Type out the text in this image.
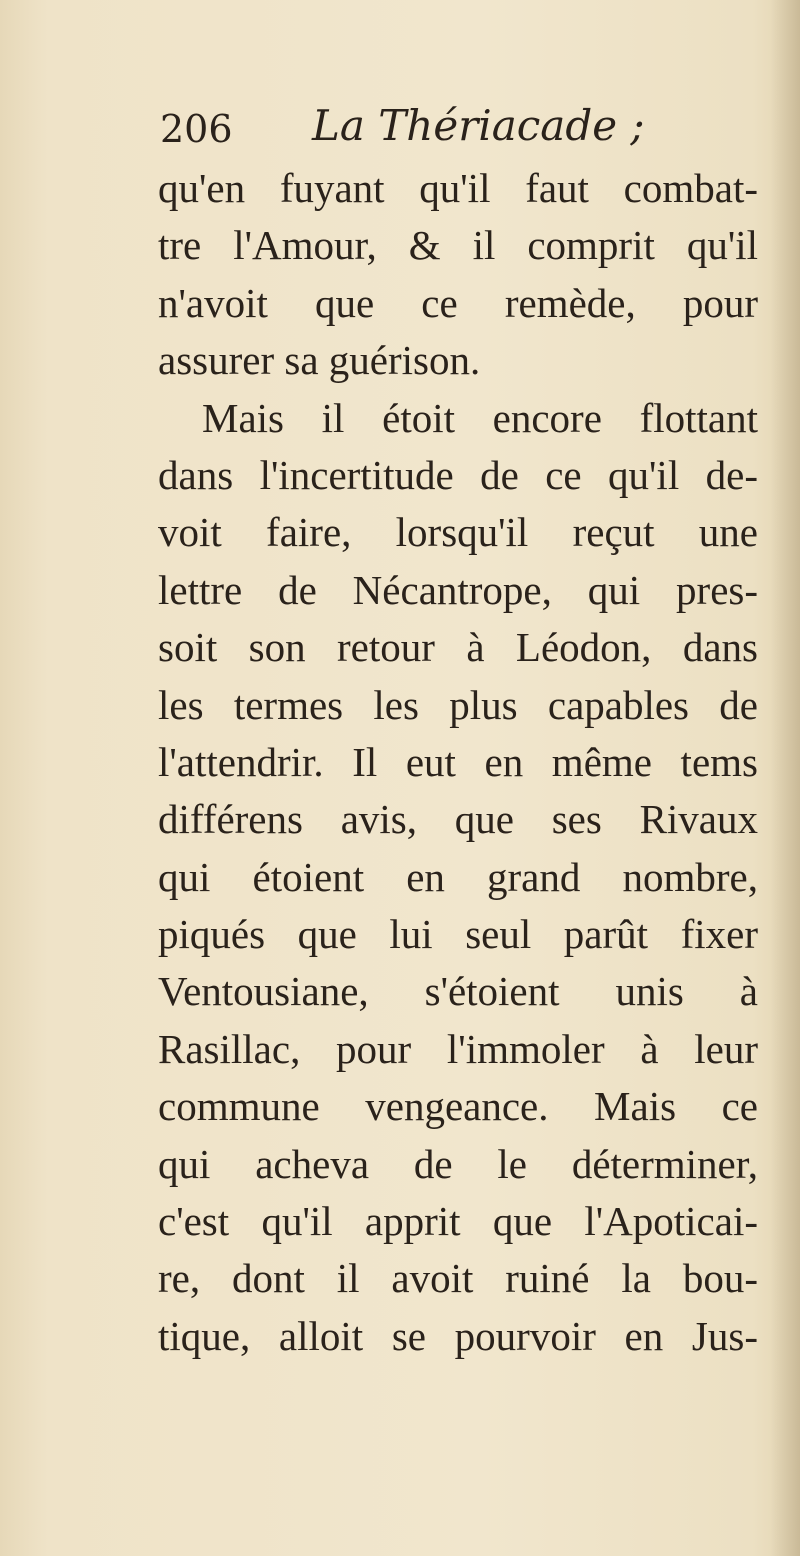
206 La Thériacade ;
qu'en fuyant qu'il faut combat-
tre l'Amour, & il comprit qu'il
n'avoit que ce remède, pour
assurer sa guérison.
Mais il étoit encore flottant
dans l'incertitude de ce qu'il de-
voit faire, lorsqu'il reçut une
lettre de Nécantrope, qui pres-
soit son retour à Léodon, dans
les termes les plus capables de
l'attendrir. Il eut en même tems
différens avis, que ses Rivaux
qui étoient en grand nombre,
piqués que lui seul parût fixer
Ventousiane, s'étoient unis à
Rasillac, pour l'immoler à leur
commune vengeance. Mais ce
qui acheva de le déterminer,
c'est qu'il apprit que l'Apoticai-
re, dont il avoit ruiné la bou-
tique, alloit se pourvoir en Jus-
